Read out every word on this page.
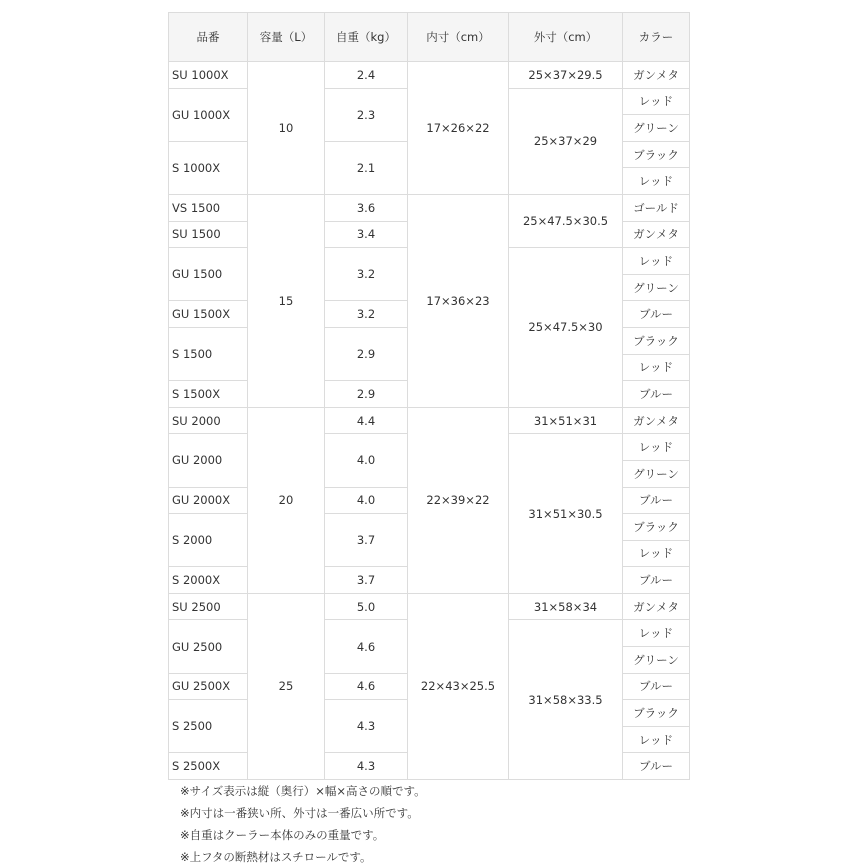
品番	容量（L）	自重（kg）	内寸（cm）	外寸（cm）	カラー
SU 1000X	10	2.4	17×26×22	25×37×29.5	ガンメタ
GU 1000X		2.3		25×37×29	レッド
					グリーン
S 1000X		2.1			ブラック
					レッド
VS 1500	15	3.6	17×36×23	25×47.5×30.5	ゴールド
SU 1500		3.4			ガンメタ
GU 1500		3.2		25×47.5×30	レッド
					グリーン
GU 1500X		3.2			ブルー
S 1500		2.9			ブラック
					レッド
S 1500X		2.9			ブルー
SU 2000	20	4.4	22×39×22	31×51×31	ガンメタ
GU 2000		4.0		31×51×30.5	レッド
					グリーン
GU 2000X		4.0			ブルー
S 2000		3.7			ブラック
					レッド
S 2000X		3.7			ブルー
SU 2500	25	5.0	22×43×25.5	31×58×34	ガンメタ
GU 2500		4.6		31×58×33.5	レッド
					グリーン
GU 2500X		4.6			ブルー
S 2500		4.3			ブラック
					レッド
S 2500X		4.3			ブルー
※サイズ表示は縦（奥行）×幅×高さの順です。
※内寸は一番狭い所、外寸は一番広い所です。
※自重はクーラー本体のみの重量です。
※上フタの断熱材はスチロールです。
